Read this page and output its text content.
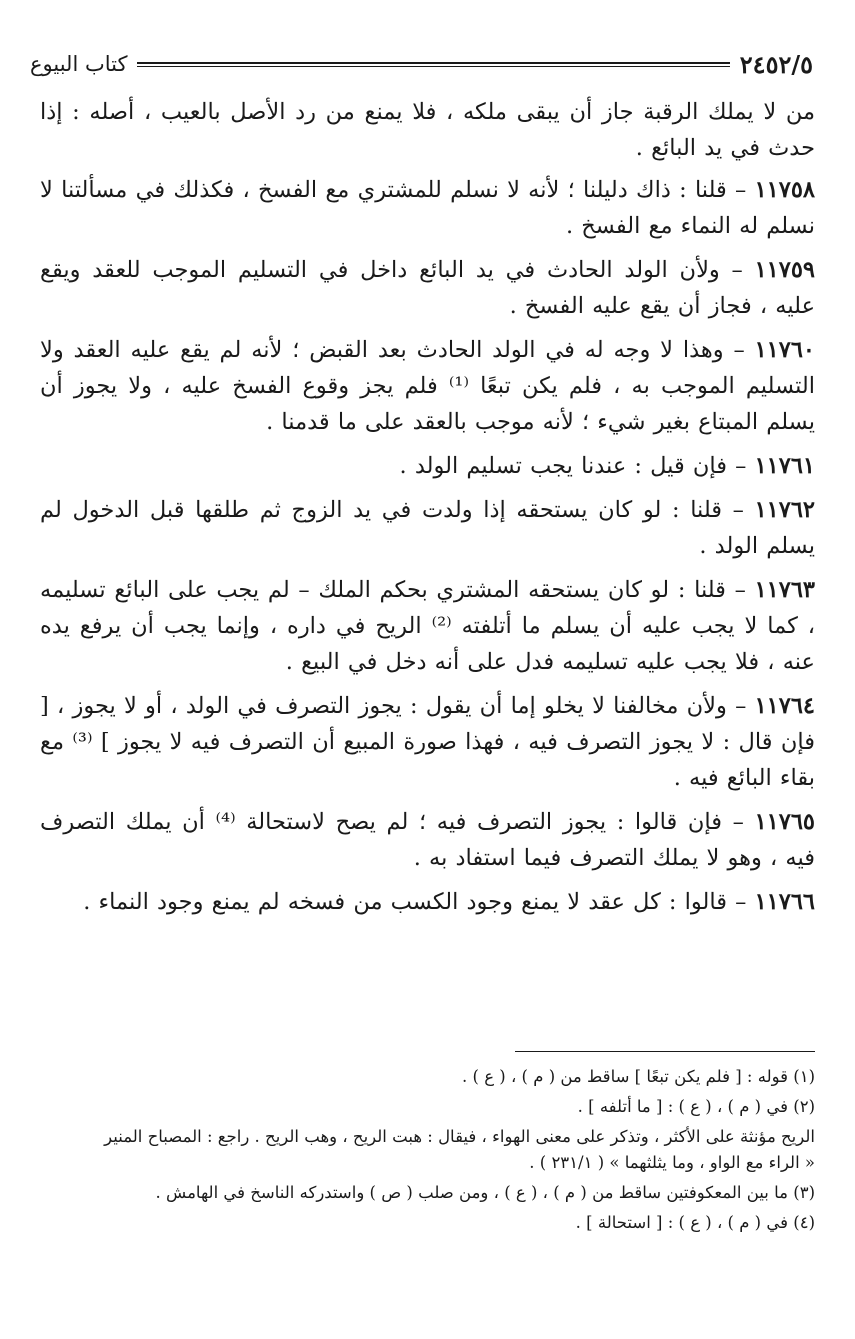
٢٤٥٢/٥
كتاب البيوع

من لا يملك الرقبة جاز أن يبقى ملكه ، فلا يمنع من رد الأصل بالعيب ، أصله : إذا حدث في يد البائع .

١١٧٥٨ – قلنا : ذاك دليلنا ؛ لأنه لا نسلم للمشتري مع الفسخ ، فكذلك في مسألتنا لا نسلم له النماء مع الفسخ .

١١٧٥٩ – ولأن الولد الحادث في يد البائع داخل في التسليم الموجب للعقد ويقع عليه ، فجاز أن يقع عليه الفسخ .

١١٧٦٠ – وهذا لا وجه له في الولد الحادث بعد القبض ؛ لأنه لم يقع عليه العقد ولا التسليم الموجب به ، فلم يكن تبعًا ⁽¹⁾ فلم يجز وقوع الفسخ عليه ، ولا يجوز أن يسلم المبتاع بغير شيء ؛ لأنه موجب بالعقد على ما قدمنا .

١١٧٦١ – فإن قيل : عندنا يجب تسليم الولد .

١١٧٦٢ – قلنا : لو كان يستحقه إذا ولدت في يد الزوج ثم طلقها قبل الدخول لم يسلم الولد .

١١٧٦٣ – قلنا : لو كان يستحقه المشتري بحكم الملك – لم يجب على البائع تسليمه ، كما لا يجب عليه أن يسلم ما أتلفته ⁽²⁾ الريح في داره ، وإنما يجب أن يرفع يده عنه ، فلا يجب عليه تسليمه فدل على أنه دخل في البيع .

١١٧٦٤ – ولأن مخالفنا لا يخلو إما أن يقول : يجوز التصرف في الولد ، أو لا يجوز ، [ فإن قال : لا يجوز التصرف فيه ، فهذا صورة المبيع أن التصرف فيه لا يجوز ] ⁽³⁾ مع بقاء البائع فيه .

١١٧٦٥ – فإن قالوا : يجوز التصرف فيه ؛ لم يصح لاستحالة ⁽⁴⁾ أن يملك التصرف فيه ، وهو لا يملك التصرف فيما استفاد به .

١١٧٦٦ – قالوا : كل عقد لا يمنع وجود الكسب من فسخه لم يمنع وجود النماء .

(١) قوله : [ فلم يكن تبعًا ] ساقط من ( م ) ، ( ع ) .

(٢) في ( م ) ، ( ع ) : [ ما أتلفه ] .

الريح مؤنثة على الأكثر ، وتذكر على معنى الهواء ، فيقال : هبت الريح ، وهب الريح . راجع : المصباح المنير
« الراء مع الواو ، وما يثلثهما » ( ٢٣١/١ ) .

(٣) ما بين المعكوفتين ساقط من ( م ) ، ( ع ) ، ومن صلب ( ص ) واستدركه الناسخ في الهامش .

(٤) في ( م ) ، ( ع ) : [ استحالة ] .
